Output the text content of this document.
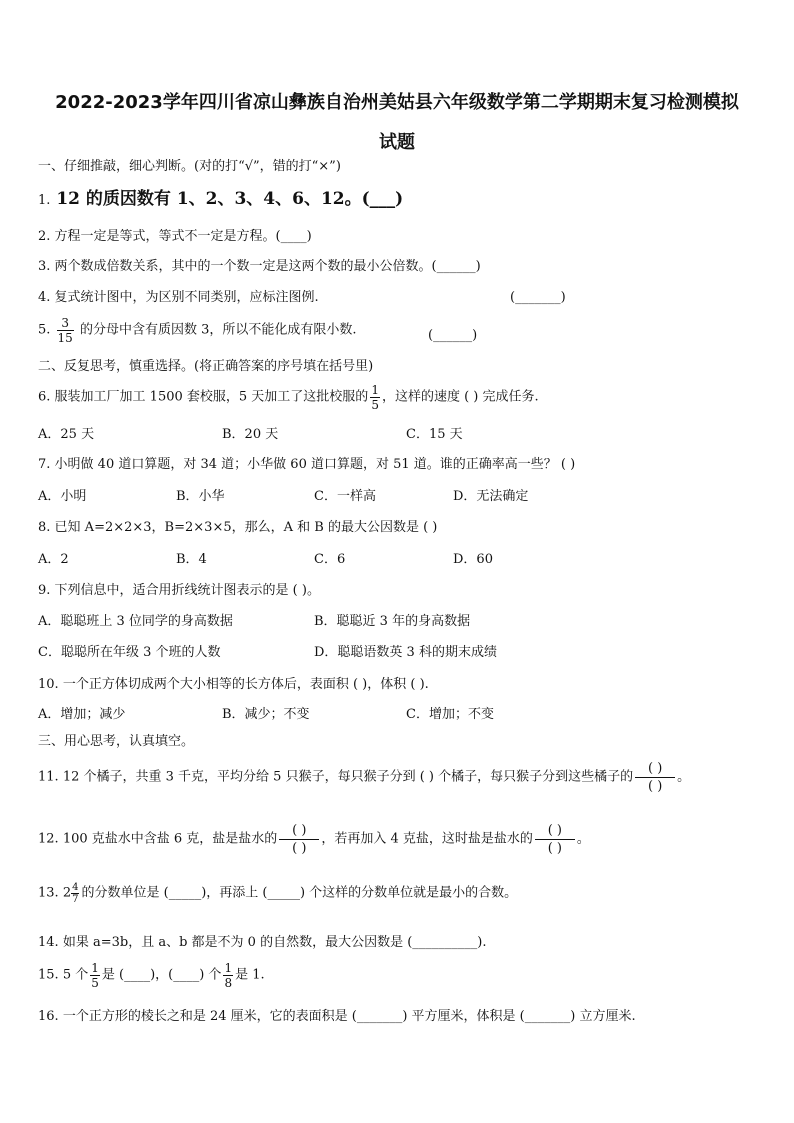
2022-2023学年四川省凉山彝族自治州美姑县六年级数学第二学期期末复习检测模拟
试题
一、仔细推敲，细心判断。(对的打“√”，错的打“×”)
1. 12 的质因数有 1、2、3、4、6、12。(___)
2. 方程一定是等式，等式不一定是方程。(____)
3. 两个数成倍数关系，其中的一个数一定是这两个数的最小公倍数。(______)
4. 复式统计图中，为区别不同类别，应标注图例.	(_______)
5. $\frac{3}{15}$ 的分母中含有质因数 3，所以不能化成有限小数.	(______)
二、反复思考，慎重选择。(将正确答案的序号填在括号里)
6. 服装加工厂加工 1500 套校服，5 天加工了这批校服的 $\frac{1}{5}$ ，这样的速度 ( ) 完成任务.
A．25 天	B．20 天	C．15 天
7. 小明做 40 道口算题，对 34 道；小华做 60 道口算题，对 51 道。谁的正确率高一些？ ( )
A．小明	B．小华	C．一样高	D．无法确定
8. 已知 A=2×2×3，B=2×3×5，那么，A 和 B 的最大公因数是 ( )
A．2	B．4	C．6	D．60
9. 下列信息中，适合用折线统计图表示的是 ( )。
A．聪聪班上 3 位同学的身高数据	B．聪聪近 3 年的身高数据
C．聪聪所在年级 3 个班的人数	D．聪聪语数英 3 科的期末成绩
10. 一个正方体切成两个大小相等的长方体后，表面积 ( )，体积 ( ).
A．增加；减少	B．减少；不变	C．增加；不变
三、用心思考，认真填空。
11. 12 个橘子，共重 3 千克，平均分给 5 只猴子，每只猴子分到 ( ) 个橘子，每只猴子分到这些橘子的 $\frac{( )}{( )}$ 。
12. 100 克盐水中含盐 6 克，盐是盐水的 $\frac{( )}{( )}$ ，若再加入 4 克盐，这时盐是盐水的 $\frac{( )}{( )}$ 。
13. $2 \frac{4}{7}$ 的分数单位是 (_____)，再添上 (_____) 个这样的分数单位就是最小的合数。
14. 如果 a=3b，且 a、b 都是不为 0 的自然数，最大公因数是 (__________).
15. 5 个 $\frac{1}{5}$ 是 (____)，(____) 个 $\frac{1}{8}$ 是 1.
16. 一个正方形的棱长之和是 24 厘米，它的表面积是 (_______) 平方厘米，体积是 (_______) 立方厘米.
